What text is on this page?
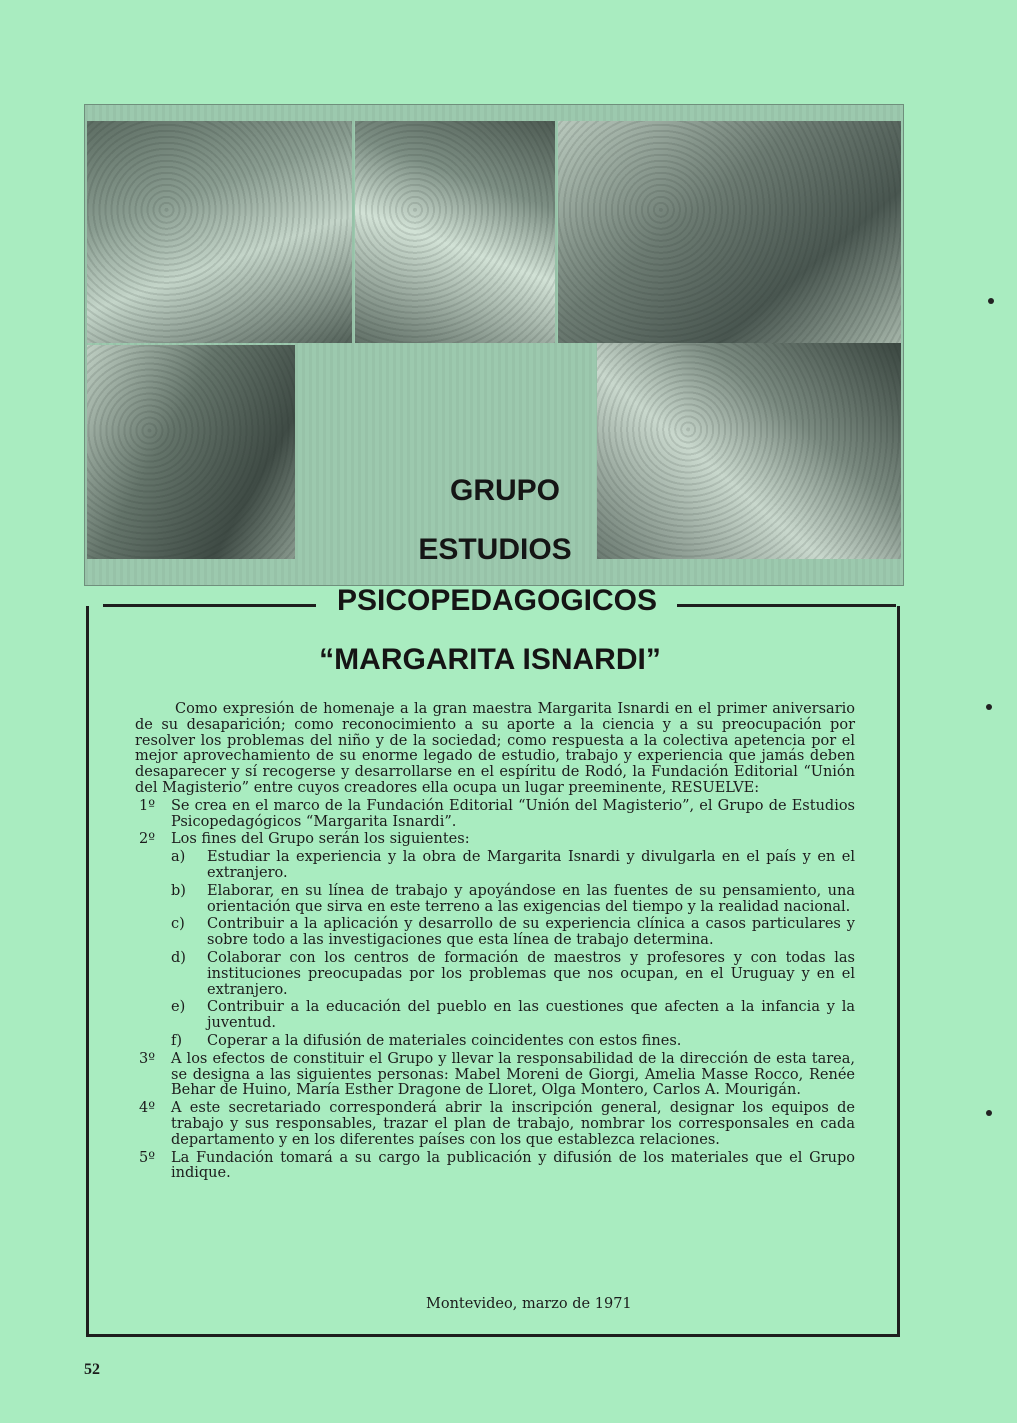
GRUPO
ESTUDIOS
PSICOPEDAGOGICOS
“MARGARITA ISNARDI”

Como expresión de homenaje a la gran maestra Margarita Isnardi en el primer aniversario de su desaparición; como reconocimiento a su aporte a la ciencia y a su preocupación por resolver los problemas del niño y de la sociedad; como respuesta a la colectiva apetencia por el mejor aprovechamiento de su enorme legado de estudio, trabajo y experiencia que jamás deben desaparecer y sí recogerse y desarrollarse en el espíritu de Rodó, la Fundación Editorial “Unión del Magisterio” entre cuyos creadores ella ocupa un lugar preeminente, RESUELVE:

1º Se crea en el marco de la Fundación Editorial “Unión del Magisterio”, el Grupo de Estudios Psicopedagógicos “Margarita Isnardi”.
2º Los fines del Grupo serán los siguientes:
a) Estudiar la experiencia y la obra de Margarita Isnardi y divulgarla en el país y en el extranjero.
b) Elaborar, en su línea de trabajo y apoyándose en las fuentes de su pensamiento, una orientación que sirva en este terreno a las exigencias del tiempo y la realidad nacional.
c) Contribuir a la aplicación y desarrollo de su experiencia clínica a casos particulares y sobre todo a las investigaciones que esta línea de trabajo determina.
d) Colaborar con los centros de formación de maestros y profesores y con todas las instituciones preocupadas por los problemas que nos ocupan, en el Uruguay y en el extranjero.
e) Contribuir a la educación del pueblo en las cuestiones que afecten a la infancia y la juventud.
f) Coperar a la difusión de materiales coincidentes con estos fines.
3º A los efectos de constituir el Grupo y llevar la responsabilidad de la dirección de esta tarea, se designa a las siguientes personas: Mabel Moreni de Giorgi, Amelia Masse Rocco, Renée Behar de Huino, María Esther Dragone de Lloret, Olga Montero, Carlos A. Mourigán.
4º A este secretariado corresponderá abrir la inscripción general, designar los equipos de trabajo y sus responsables, trazar el plan de trabajo, nombrar los corresponsales en cada departamento y en los diferentes países con los que establezca relaciones.
5º La Fundación tomará a su cargo la publicación y difusión de los materiales que el Grupo indique.
Montevideo, marzo de 1971
52
